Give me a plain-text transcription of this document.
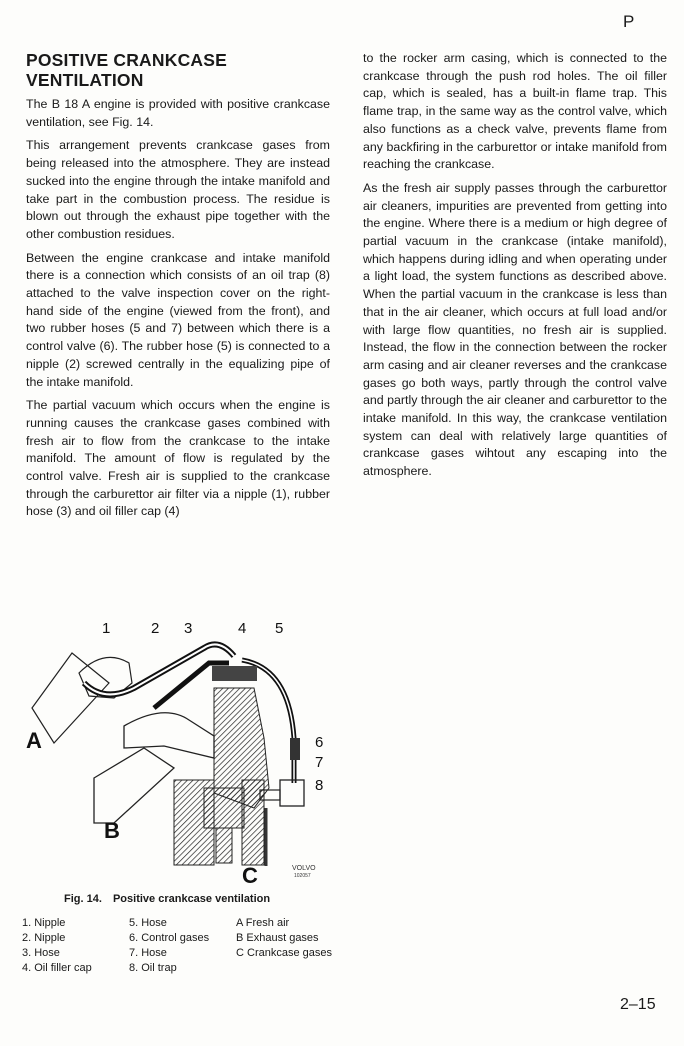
P
POSITIVE CRANKCASE
VENTILATION

The B 18 A engine is provided with positive crankcase ventilation, see Fig. 14.

This arrangement prevents crankcase gases from being released into the atmosphere. They are instead sucked into the engine through the intake manifold and take part in the combustion process. The residue is blown out through the exhaust pipe together with the other combustion residues.

Between the engine crankcase and intake manifold there is a connection which consists of an oil trap (8) attached to the valve inspection cover on the right-hand side of the engine (viewed from the front), and two rubber hoses (5 and 7) between which there is a control valve (6). The rubber hose (5) is connected to a nipple (2) screwed centrally in the equalizing pipe of the intake manifold.

The partial vacuum which occurs when the engine is running causes the crankcase gases combined with fresh air to flow from the crankcase to the intake manifold. The amount of flow is regulated by the control valve. Fresh air is supplied to the crankcase through the carburettor air filter via a nipple (1), rubber hose (3) and oil filler cap (4)

to the rocker arm casing, which is connected to the crankcase through the push rod holes. The oil filler cap, which is sealed, has a built-in flame trap. This flame trap, in the same way as the control valve, which also functions as a check valve, prevents flame from any backfiring in the carburettor or intake manifold from reaching the crankcase.

As the fresh air supply passes through the carburettor air cleaners, impurities are prevented from getting into the engine. Where there is a medium or high degree of partial vacuum in the crankcase (intake manifold), which happens during idling and when operating under a light load, the system functions as described above. When the partial vacuum in the crankcase is less than that in the air cleaner, which occurs at full load and/or with large flow quantities, no fresh air is supplied. Instead, the flow in the connection between the rocker arm casing and air cleaner reverses and the crankcase gases go both ways, partly through the control valve and partly through the air cleaner and carburettor to the intake manifold. In this way, the crankcase ventilation system can deal with relatively large quantities of crankcase gases wihtout any escaping into the atmosphere.

1	2 3	4 5
6
7
8
A
B
C	VOLVO
102057
Fig. 14. Positive crankcase ventilation
1. Nipple
2. Nipple
3. Hose
4. Oil filler cap
5. Hose
6. Control gases
7. Hose
8. Oil trap
A Fresh air
B Exhaust gases
C Crankcase gases
2–15
